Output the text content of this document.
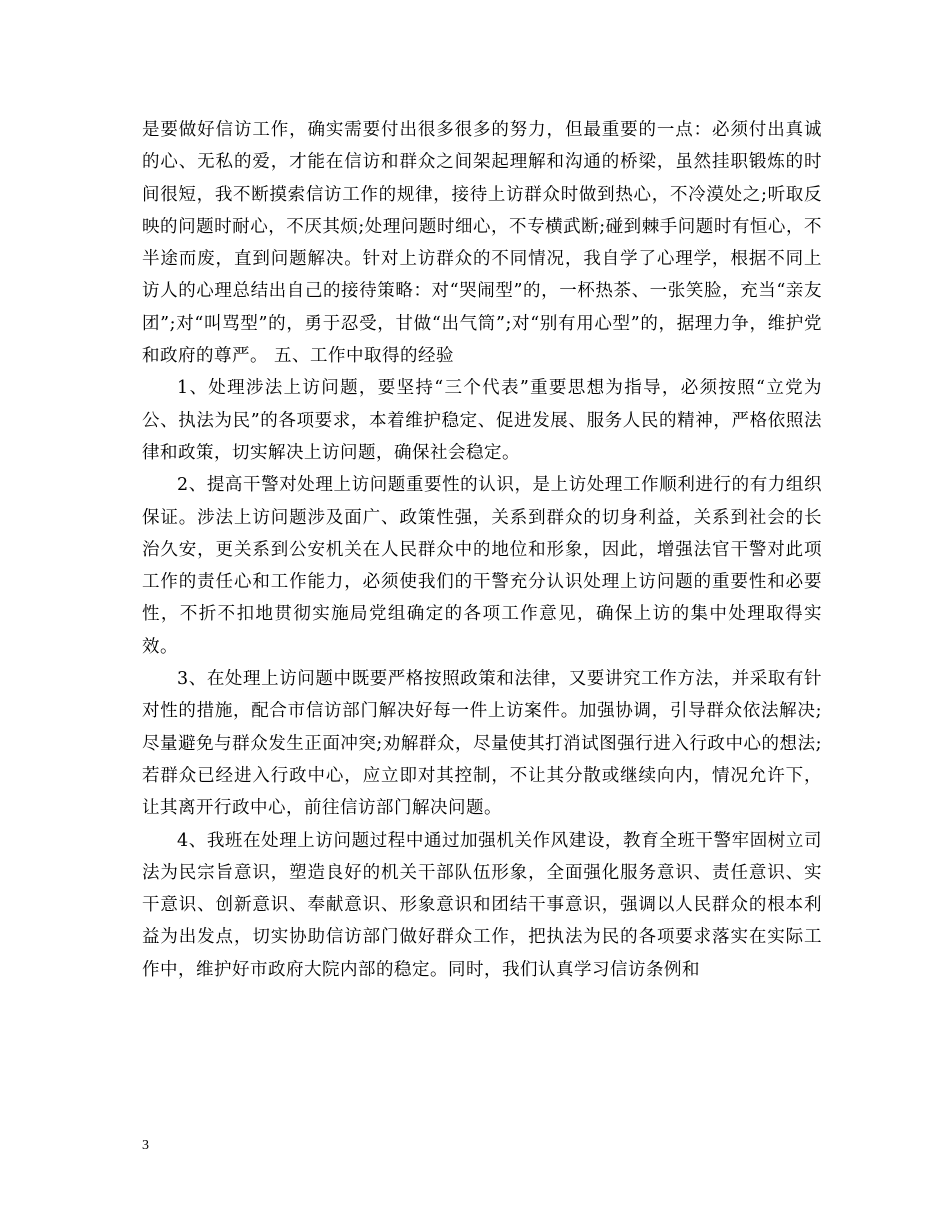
是要做好信访工作，确实需要付出很多很多的努力，但最重要的一点：必须付出真诚的心、无私的爱，才能在信访和群众之间架起理解和沟通的桥梁，虽然挂职锻炼的时间很短，我不断摸索信访工作的规律，接待上访群众时做到热心，不冷漠处之;听取反映的问题时耐心，不厌其烦;处理问题时细心，不专横武断;碰到棘手问题时有恒心，不半途而废，直到问题解决。针对上访群众的不同情况，我自学了心理学，根据不同上访人的心理总结出自己的接待策略：对“哭闹型”的，一杯热茶、一张笑脸，充当“亲友团”;对“叫骂型”的，勇于忍受，甘做“出气筒”;对“别有用心型”的，据理力争，维护党和政府的尊严。 五、工作中取得的经验

1、处理涉法上访问题，要坚持“三个代表”重要思想为指导，必须按照“立党为公、执法为民”的各项要求，本着维护稳定、促进发展、服务人民的精神，严格依照法律和政策，切实解决上访问题，确保社会稳定。

2、提高干警对处理上访问题重要性的认识，是上访处理工作顺利进行的有力组织保证。涉法上访问题涉及面广、政策性强，关系到群众的切身利益，关系到社会的长治久安，更关系到公安机关在人民群众中的地位和形象，因此，增强法官干警对此项工作的责任心和工作能力，必须使我们的干警充分认识处理上访问题的重要性和必要性，不折不扣地贯彻实施局党组确定的各项工作意见，确保上访的集中处理取得实效。

3、在处理上访问题中既要严格按照政策和法律，又要讲究工作方法，并采取有针对性的措施，配合市信访部门解决好每一件上访案件。加强协调，引导群众依法解决;尽量避免与群众发生正面冲突;劝解群众，尽量使其打消试图强行进入行政中心的想法;若群众已经进入行政中心，应立即对其控制，不让其分散或继续向内，情况允许下，让其离开行政中心，前往信访部门解决问题。

4、我班在处理上访问题过程中通过加强机关作风建设，教育全班干警牢固树立司法为民宗旨意识，塑造良好的机关干部队伍形象，全面强化服务意识、责任意识、实干意识、创新意识、奉献意识、形象意识和团结干事意识，强调以人民群众的根本利益为出发点，切实协助信访部门做好群众工作，把执法为民的各项要求落实在实际工作中，维护好市政府大院内部的稳定。同时，我们认真学习信访条例和

3
